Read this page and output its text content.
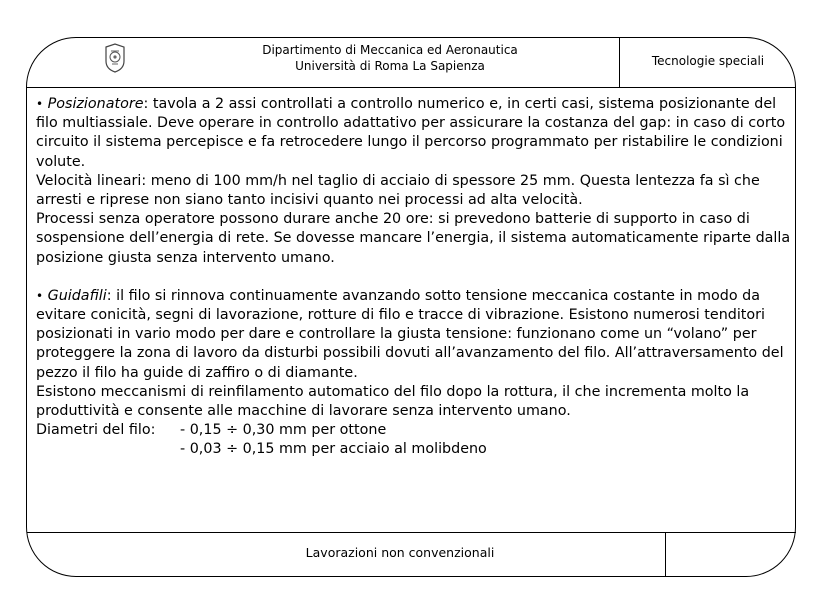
Dipartimento di Meccanica ed Aeronautica
Università di Roma La Sapienza	Tecnologie speciali

• Posizionatore: tavola a 2 assi controllati a controllo numerico e, in certi casi, sistema posizionante del filo multiassiale. Deve operare in controllo adattativo per assicurare la costanza del gap: in caso di corto circuito il sistema percepisce e fa retrocedere lungo il percorso programmato per ristabilire le condizioni volute.

Velocità lineari: meno di 100 mm/h nel taglio di acciaio di spessore 25 mm. Questa lentezza fa sì che arresti e riprese non siano tanto incisivi quanto nei processi ad alta velocità.

Processi senza operatore possono durare anche 20 ore: si prevedono batterie di supporto in caso di sospensione dell’energia di rete. Se dovesse mancare l’energia, il sistema automaticamente riparte dalla posizione giusta senza intervento umano.

• Guidafili: il filo si rinnova continuamente avanzando sotto tensione meccanica costante in modo da evitare conicità, segni di lavorazione, rotture di filo e tracce di vibrazione. Esistono numerosi tenditori posizionati in vario modo per dare e controllare la giusta tensione: funzionano come un “volano” per proteggere la zona di lavoro da disturbi possibili dovuti all’avanzamento del filo. All’attraversamento del pezzo il filo ha guide di zaffiro o di diamante.

Esistono meccanismi di reinfilamento automatico del filo dopo la rottura, il che incrementa molto la produttività e consente alle macchine di lavorare senza intervento umano.

Diametri del filo:	- 0,15 ÷ 0,30 mm per ottone
- 0,03 ÷ 0,15 mm per acciaio al molibdeno
Lavorazioni non convenzionali
